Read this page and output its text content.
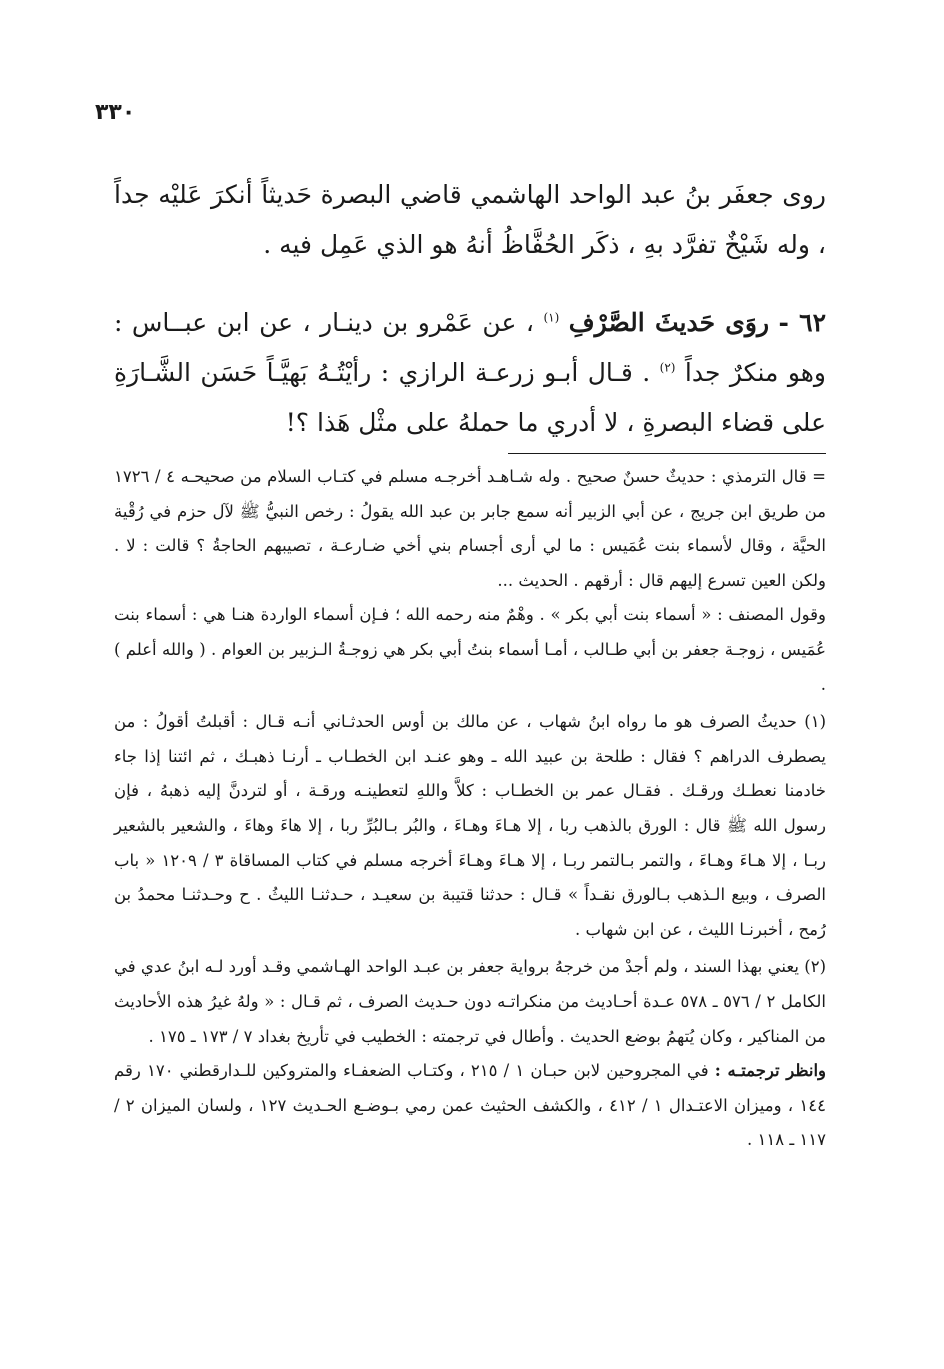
٣٣٠

روى جعفَر بنُ عبد الواحد الهاشمي قاضي البصرة حَديثاً أنكرَ عَليْه جداً ، وله شَيْخٌ تفرَّد بهِ ، ذكَر الحُفَّاظُ أنهُ هو الذي عَمِل فيه .

٦٢ - روَى حَديثَ الصَّرْفِ $^{(١)}$ ، عن عَمْرو بن دينـار ، عن ابن عبــاس : وهو منكرٌ جداً $^{(٢)}$ . قـال أبـو زرعـة الرازي : رأيْتُـهُ بَهيَّـاً حَسَن الشَّـارَةِ على قضاء البصرةِ ، لا أدري ما حملهُ على مثْل هَذا ؟!

= قال الترمذي : حديثٌ حسنٌ صحيح . وله شـاهـد أخرجـه مسلم في كتـاب السلام من صحيحـه ٤ / ١٧٢٦ من طريق ابن جريج ، عن أبي الزبير أنه سمع جابر بن عبد الله يقولُ : رخص النبيُّ ﷺ لآل حزم في رُقْية الحيَّة ، وقال لأسماء بنت عُمَيس : ما لي أرى أجسام بني أخي ضـارعـة ، تصيبهم الحاجةُ ؟ قالت : لا . ولكن العين تسرع إليهم قال : أرقهم . الحديث ...

وقول المصنف : « أسماء بنت أبي بكر » . وهْمٌ منه رحمه الله ؛ فـإن أسماء الواردة هنـا هي : أسماء بنت عُمَيس ، زوجـة جعفر بن أبي طـالب ، أمـا أسماء بنتُ أبي بكر هي زوجـةُ الـزبير بن العوام . ( والله أعلم ) .

(١) حديثُ الصرف هو ما رواه ابنُ شهاب ، عن مالك بن أوس الحدثـاني أنـه قـال : أقبلتُ أقولُ : من يصطرف الدراهم ؟ فقال : طلحة بن عبيد الله ـ وهو عنـد ابن الخطـاب ـ أرنـا ذهبـك ، ثم ائتنا إذا جاء خادمنا نعطـك ورقـك . فقـال عمر بن الخطـاب : كلاَّ واللهِ لتعطينـه ورقـة ، أو لتردنَّ إليه ذهبهُ ، فإن رسول الله ﷺ قال : الورق بالذهب ربا ، إلا هـاءَ وهـاءَ ، والبُر بـالبُرِّ ربا ، إلا هاءَ وهاءَ ، والشعير بالشعير ربـا ، إلا هـاءَ وهـاءَ ، والتمر بـالتمر ربـا ، إلا هـاءَ وهـاءَ أخرجه مسلم في كتاب المساقاة ٣ / ١٢٠٩ « باب الصرف ، وبيع الـذهب بـالورق نقـداً » قـال : حدثنا قتيبة بن سعيـد ، حـدثنـا الليثُ . ح وحـدثنـا محمدُ بن رُمح ، أخبرنـا الليث ، عن ابن شهاب .

(٢) يعني بهذا السند ، ولم أجدْ من خرجهُ برواية جعفر بن عبـد الواحد الهـاشمي وقـد أورد لـه ابنُ عدي في الكامل ٢ / ٥٧٦ ـ ٥٧٨ عـدة أحـاديث من منكراتـه دون حـديث الصرف ، ثم قـال : « ولهُ غيرُ هذه الأحاديث من المناكير ، وكان يُتهمُ بوضع الحديث . وأطال في ترجمته : الخطيب في تأريخ بغداد ٧ / ١٧٣ ـ ١٧٥ .

وانظر ترجمتـه : في المجروحين لابن حبـان ١ / ٢١٥ ، وكتـاب الضعفـاء والمتروكين للـدارقطني ١٧٠ رقم ١٤٤ ، وميزان الاعتـدال ١ / ٤١٢ ، والكشف الحثيث عمن رمي بـوضـع الحـديث ١٢٧ ، ولسان الميزان ٢ / ١١٧ ـ ١١٨ .
